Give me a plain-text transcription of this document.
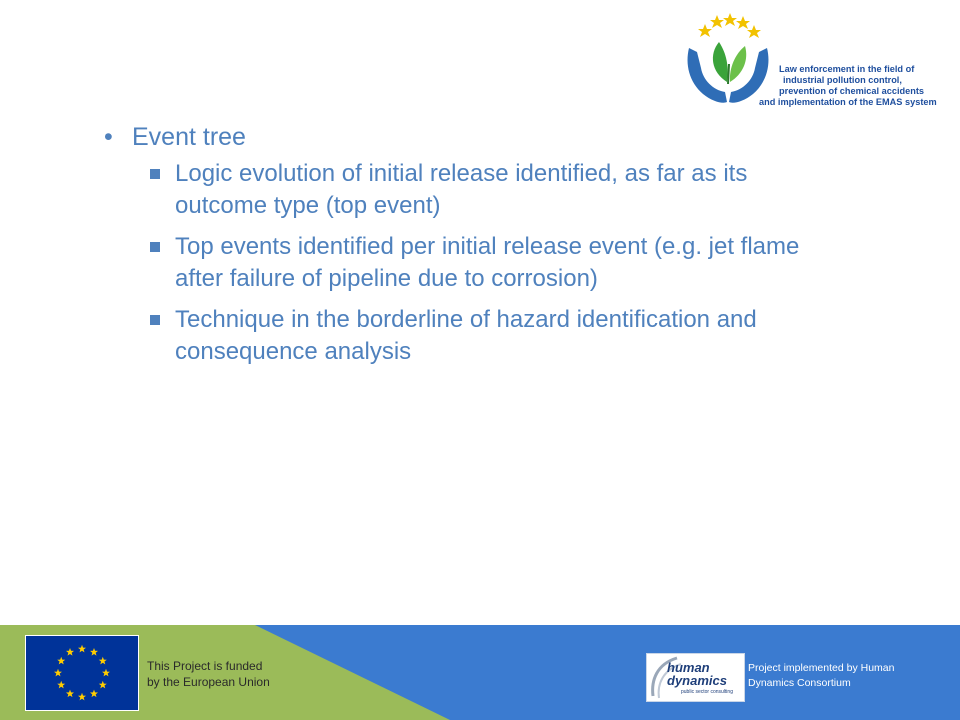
Law enforcement in the field of
industrial pollution control,
prevention of chemical accidents
and implementation of the EMAS system
• Event tree
Logic evolution of initial release identified, as far as its outcome type (top event)
Top events identified per initial release event (e.g. jet flame after failure of pipeline due to corrosion)
Technique in the borderline of hazard identification and consequence analysis
This Project is funded
by the European Union
human
dynamics
public sector consulting
Project implemented by Human
Dynamics Consortium
